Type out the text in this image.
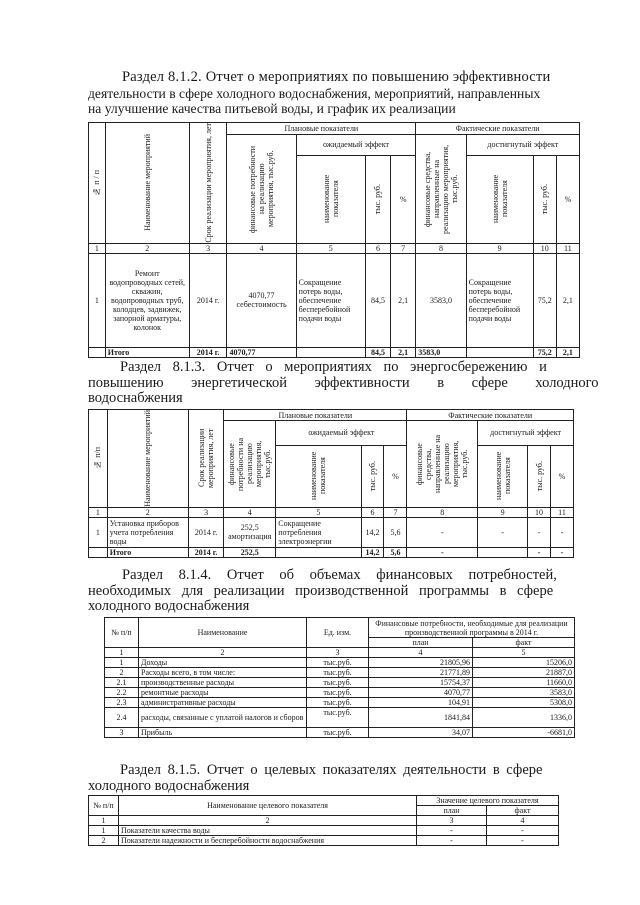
Раздел 8.1.2. Отчет о мероприятиях по повышению эффективности
деятельности в сфере холодного водоснабжения, мероприятий, направленных
на улучшение качества питьевой воды, и график их реализации
№ п / п	Наименование мероприятий	Срок реализации мероприятия, лет	Плановые показатели				Фактические показатели			

			финансовые потребности на реализацию мероприятия, тыс.руб.	ожидаемый эффект			финансовые средства, направленные на реализацию мероприятия, тыс.руб.	достигнутый эффект		

				наименование показателя	тыс. руб.	%		наименование показателя	тыс. руб.	%
1	2	3	4	5	6	7	8	9	10	11
1	Ремонт водопроводных сетей, скважин, водопроводных труб, колодцев, задвижек, запорной арматуры, колонок	2014 г.	4070,77 себестоимость	Сокращение потерь воды, обеспечение бесперебойной подачи воды	84,5	2,1	3583,0	Сокращение потерь воды, обеспечение бесперебойной подачи воды	75,2	2,1
	Итого	2014 г.	4070,77		84,5	2,1	3583,0		75,2	2,1
Раздел 8.1.3. Отчет о мероприятиях по энергосбережению и
повышению энергетической эффективности в сфере холодного
водоснабжения
№ п/п	Наименование мероприятий	Срок реализации мероприятия, лет	Плановые показатели				Фактические показатели			

			финансовые потребности на реализацию мероприятия, тыс.руб.	ожидаемый эффект			финансовые средства, направленные на реализацию мероприятия, тыс.руб.	достигнутый эффект		

				наименование показателя	тыс. руб.	%		наименование показателя	тыс. руб.	%
1	2	3	4	5	6	7	8	9	10	11
1	Установка приборов учета потребления воды	2014 г.	252,5 амортизация	Сокращение потребления электроэнергии	14,2	5,6	-	-	-	-
	Итого	2014 г.	252,5		14,2	5,6	-		-	-
Раздел 8.1.4. Отчет об объемах финансовых потребностей,
необходимых для реализации производственной программы в сфере
холодного водоснабжения
№ п/п	Наименование	Ед. изм.	Финансовые потребности, необходимые для реализации производственной программы в 2014 г.	
			план	факт
1	2	3	4	5
1	Доходы	тыс.руб.	21805,96	15206,0
2	Расходы всего, в том числе:	тыс.руб.	21771,89	21887,0
2.1	производственные расходы	тыс.руб.	15754,37	11660,0
2.2	ремонтные расходы	тыс.руб.	4070,77	3583,0
2.3	административные расходы	тыс.руб.	104,91	5308,0
2.4	расходы, связанные с уплатой налогов и сборов	тыс.руб.	1841,84	1336,0
3	Прибыль	тыс.руб.	34,07	-6681,0
Раздел 8.1.5. Отчет о целевых показателях деятельности в сфере
холодного водоснабжения
№ п/п	Наименование целевого показателя	Значение целевого показателя	
		план	факт
1	2	3	4
1	Показатели качества воды	-	-
2	Показатели надежности и бесперебойности водоснабжения	-	-
